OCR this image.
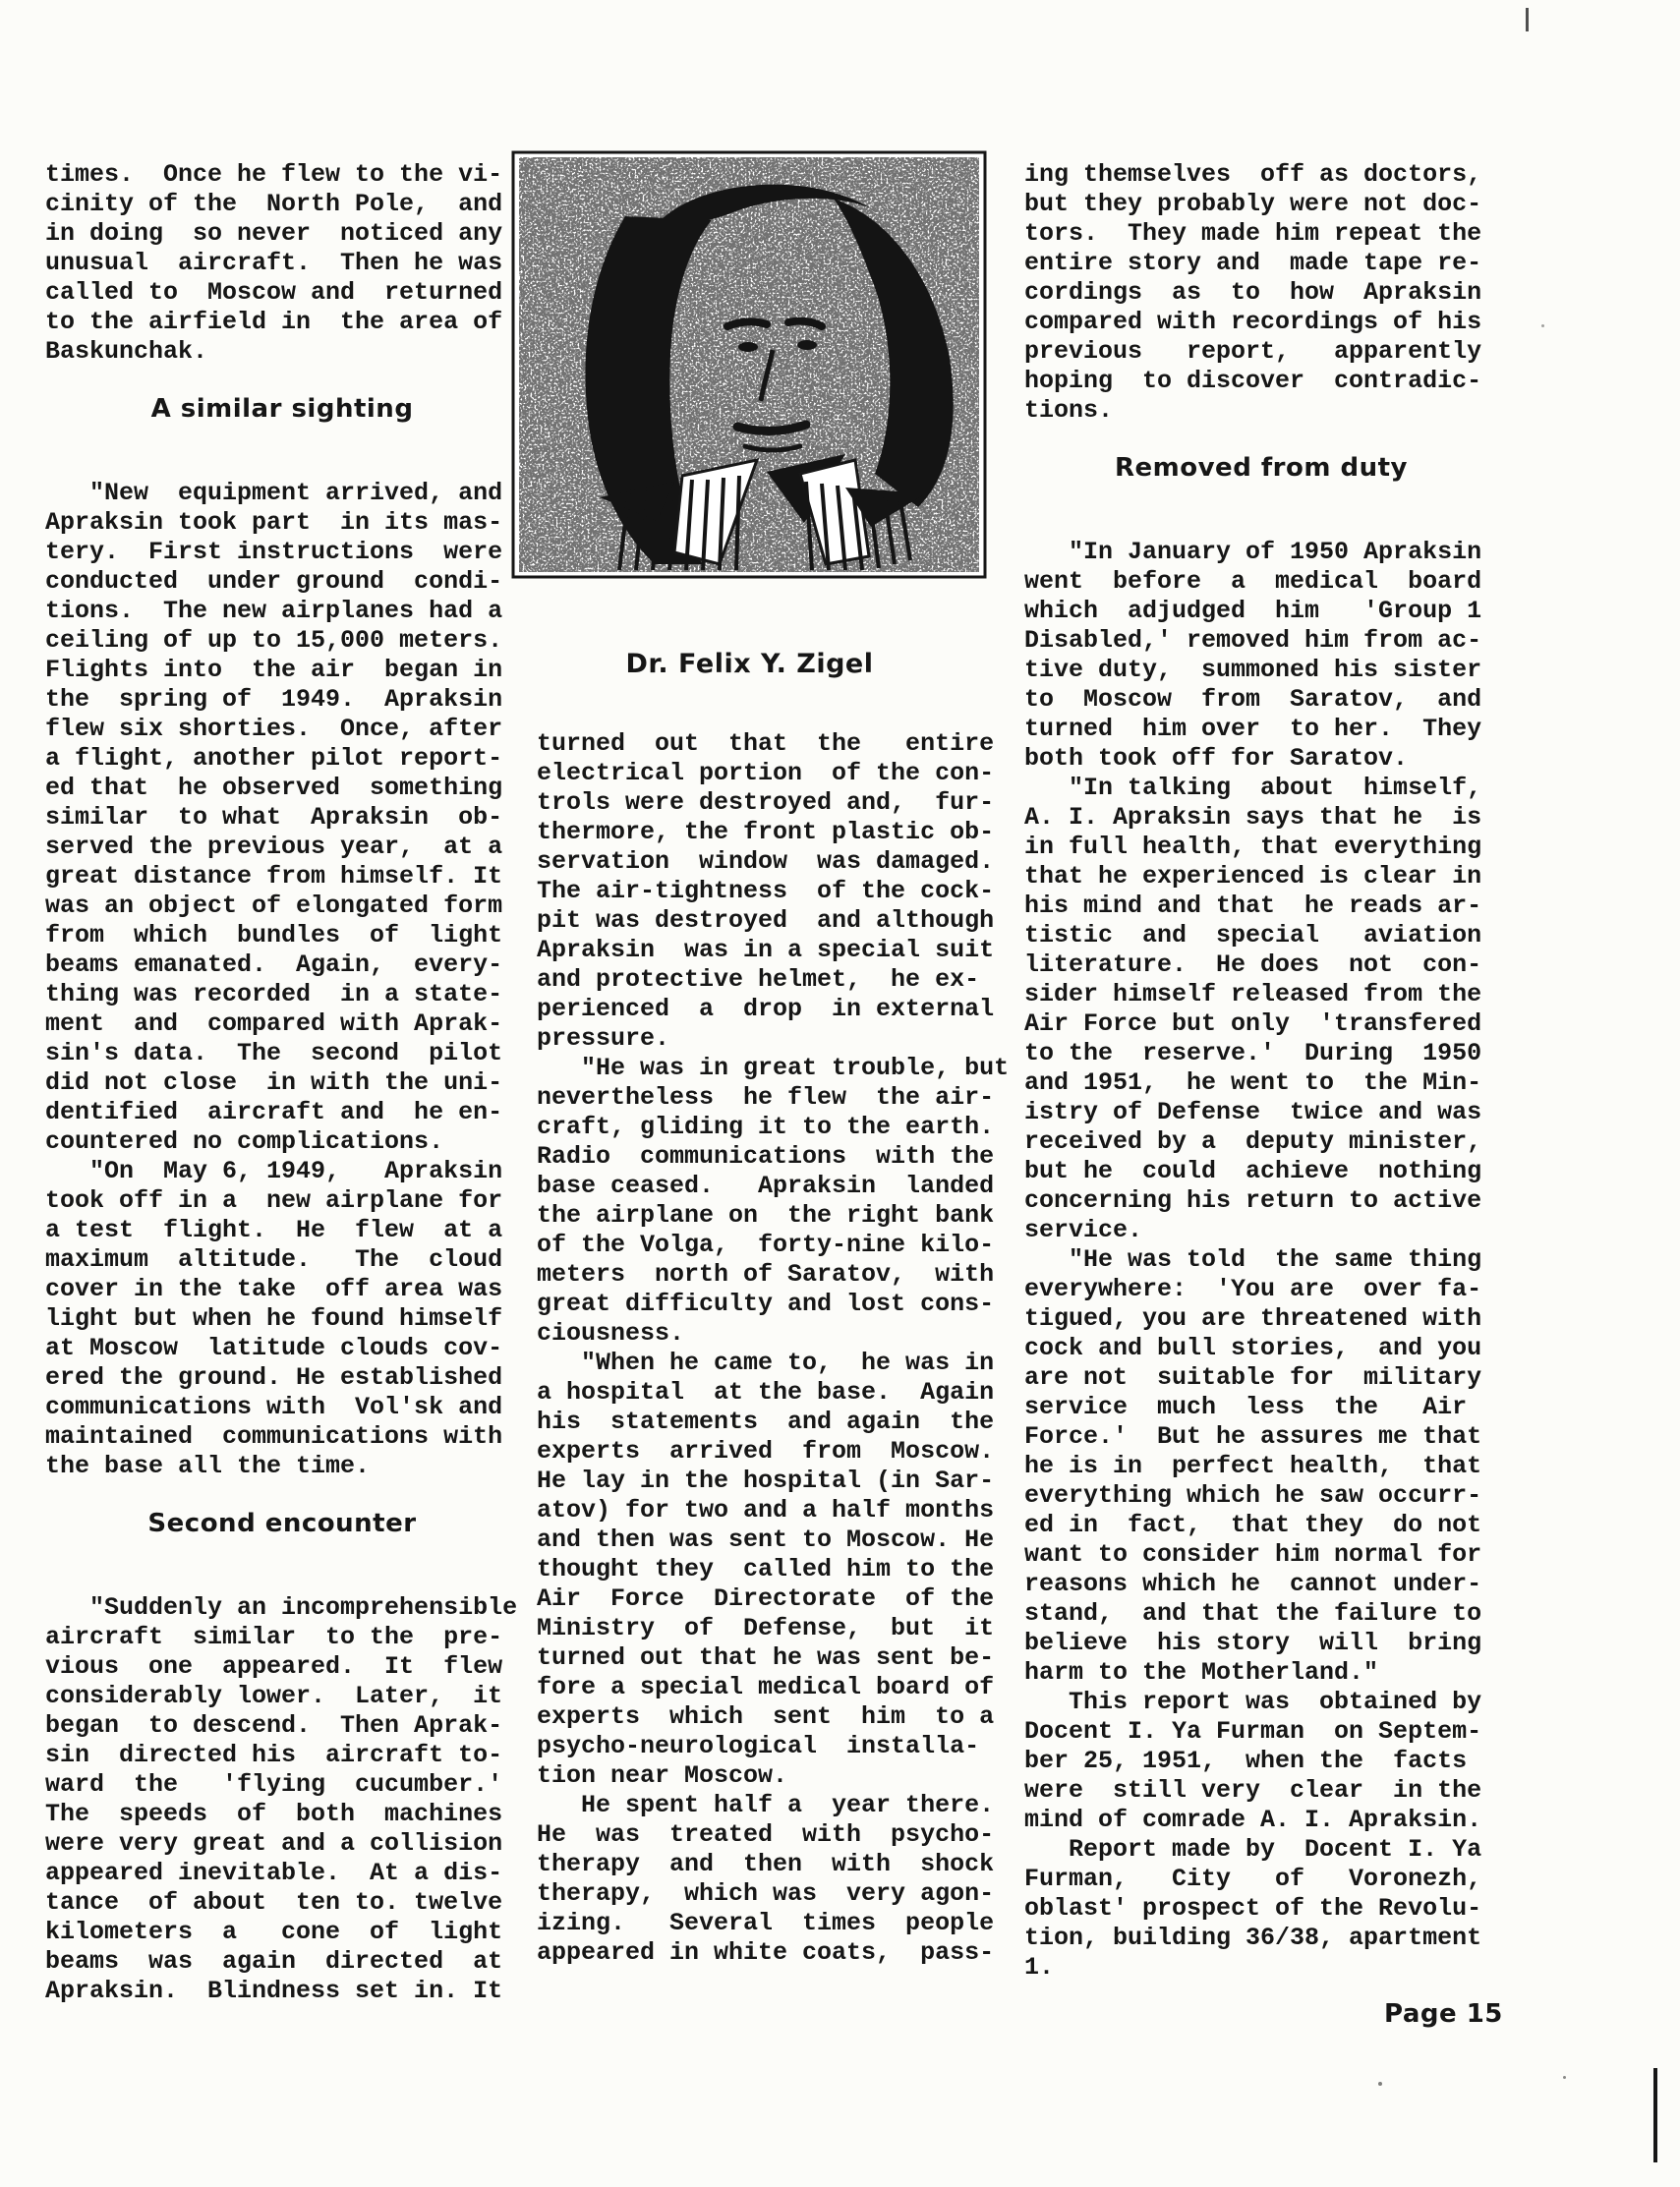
times.  Once he flew to the vi-
cinity of the  North Pole,  and
in doing  so never  noticed any
unusual  aircraft.  Then he was
called to  Moscow and  returned
to the airfield in  the area of
Baskunchak.
A similar sighting
"New  equipment arrived, and
Apraksin took part  in its mas-
tery.  First instructions  were
conducted  under ground  condi-
tions.  The new airplanes had a
ceiling of up to 15,000 meters.
Flights into  the air  began in
the  spring of  1949.  Apraksin
flew six shorties.  Once, after
a flight, another pilot report-
ed that  he observed  something
similar  to what  Apraksin  ob-
served the previous year,  at a
great distance from himself. It
was an object of elongated form
from  which  bundles  of  light
beams emanated.  Again,  every-
thing was recorded  in a state-
ment  and  compared with Aprak-
sin's data.  The  second  pilot
did not close  in with the uni-
dentified  aircraft and  he en-
countered no complications.
"On  May 6, 1949,   Apraksin
took off in a  new airplane for
a test  flight.  He  flew  at a
maximum  altitude.   The  cloud
cover in the take  off area was
light but when he found himself
at Moscow  latitude clouds cov-
ered the ground. He established
communications with  Vol'sk and
maintained  communications with
the base all the time.
Second encounter
"Suddenly an incomprehensible
aircraft  similar  to the  pre-
vious  one  appeared.  It  flew
considerably lower.  Later,  it
began  to descend.  Then Aprak-
sin  directed his  aircraft to-
ward  the   'flying  cucumber.'
The  speeds  of  both  machines
were very great and a collision
appeared inevitable.  At a dis-
tance  of about  ten to. twelve
kilometers  a   cone  of  light
beams  was  again  directed  at
Apraksin.  Blindness set in. It
Dr. Felix Y. Zigel
turned  out  that  the   entire
electrical portion  of the con-
trols were destroyed and,  fur-
thermore, the front plastic ob-
servation  window  was damaged.
The air-tightness  of the cock-
pit was destroyed  and although
Apraksin  was in a special suit
and protective helmet,  he ex-
perienced  a  drop  in external
pressure.
"He was in great trouble, but
nevertheless  he flew  the air-
craft, gliding it to the earth.
Radio  communications  with the
base ceased.   Apraksin  landed
the airplane on  the right bank
of the Volga,  forty-nine kilo-
meters  north of Saratov,  with
great difficulty and lost cons-
ciousness.
"When he came to,  he was in
a hospital  at the base.  Again
his  statements  and again  the
experts  arrived  from  Moscow.
He lay in the hospital (in Sar-
atov) for two and a half months
and then was sent to Moscow. He
thought they  called him to the
Air  Force  Directorate  of the
Ministry  of  Defense,  but  it
turned out that he was sent be-
fore a special medical board of
experts  which  sent  him  to a
psycho-neurological  installa-
tion near Moscow.
He spent half a  year there.
He  was  treated  with  psycho-
therapy  and  then  with  shock
therapy,  which was  very agon-
izing.   Several  times  people
appeared in white coats,  pass-
ing themselves  off as doctors,
but they probably were not doc-
tors.  They made him repeat the
entire story and  made tape re-
cordings  as  to  how  Apraksin
compared with recordings of his
previous   report,   apparently
hoping  to discover  contradic-
tions.
Removed from duty
"In January of 1950 Apraksin
went  before  a  medical  board
which  adjudged  him   'Group 1
Disabled,' removed him from ac-
tive duty,  summoned his sister
to  Moscow  from  Saratov,  and
turned  him over  to her.  They
both took off for Saratov.
"In talking  about  himself,
A. I. Apraksin says that he  is
in full health, that everything
that he experienced is clear in
his mind and that  he reads ar-
tistic  and  special   aviation
literature.  He does  not  con-
sider himself released from the
Air Force but only  'transfered
to the  reserve.'  During  1950
and 1951,  he went to  the Min-
istry of Defense  twice and was
received by a  deputy minister,
but he  could  achieve  nothing
concerning his return to active
service.
"He was told  the same thing
everywhere:  'You are  over fa-
tigued, you are threatened with
cock and bull stories,  and you
are not  suitable for  military
service  much  less  the   Air
Force.'  But he assures me that
he is in  perfect health,  that
everything which he saw occurr-
ed in  fact,  that they  do not
want to consider him normal for
reasons which he  cannot under-
stand,  and that the failure to
believe  his story  will  bring
harm to the Motherland."
This report was  obtained by
Docent I. Ya Furman  on Septem-
ber 25, 1951,  when the  facts
were  still very  clear  in the
mind of comrade A. I. Apraksin.
Report made by  Docent I. Ya
Furman,   City   of   Voronezh,
oblast' prospect of the Revolu-
tion, building 36/38, apartment
1.
Page 15
